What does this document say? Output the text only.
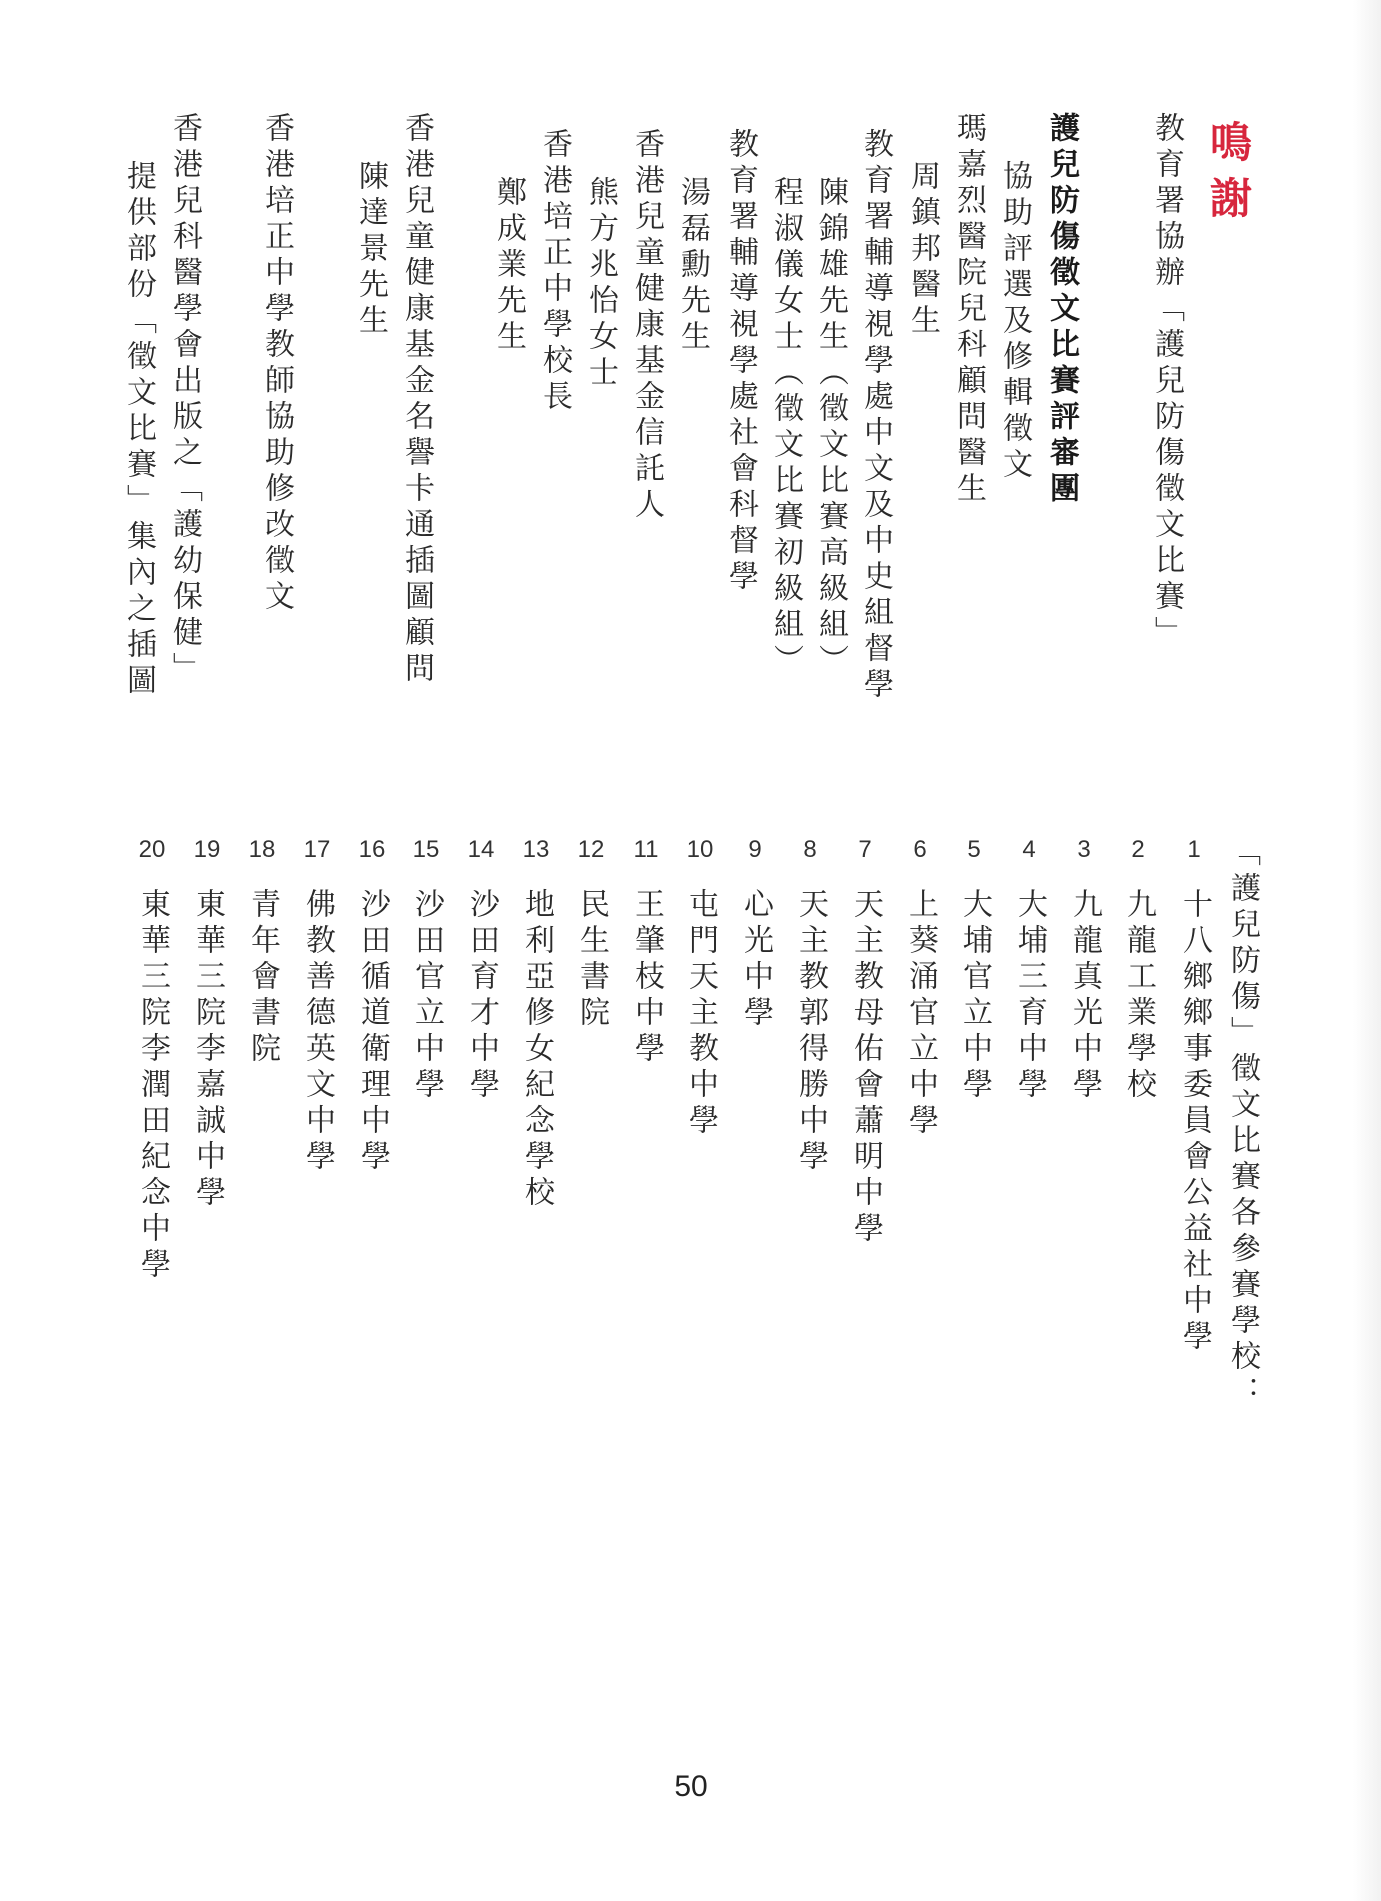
鳴謝
教育署協辦「護兒防傷徵文比賽」
護兒防傷徵文比賽評審團
協助評選及修輯徵文
瑪嘉烈醫院兒科顧問醫生
周鎮邦醫生
教育署輔導視學處中文及中史組督學
陳錦雄先生（徵文比賽高級組）
程淑儀女士（徵文比賽初級組）
教育署輔導視學處社會科督學
湯磊勳先生
香港兒童健康基金信託人
熊方兆怡女士
香港培正中學校長
鄭成業先生
香港兒童健康基金名譽卡通插圖顧問
陳達景先生
香港培正中學教師協助修改徵文
香港兒科醫學會出版之「護幼保健」
提供部份「徵文比賽」集內之插圖
「護兒防傷」徵文比賽各參賽學校：
1
2
3
4
5
6
7
8
9
10
11
12
13
14
15
16
17
18
19
20
十八鄉鄉事委員會公益社中學
九龍工業學校
九龍真光中學
大埔三育中學
大埔官立中學
上葵涌官立中學
天主教母佑會蕭明中學
天主教郭得勝中學
心光中學
屯門天主教中學
王肇枝中學
民生書院
地利亞修女紀念學校
沙田育才中學
沙田官立中學
沙田循道衛理中學
佛教善德英文中學
青年會書院
東華三院李嘉誠中學
東華三院李潤田紀念中學
50
